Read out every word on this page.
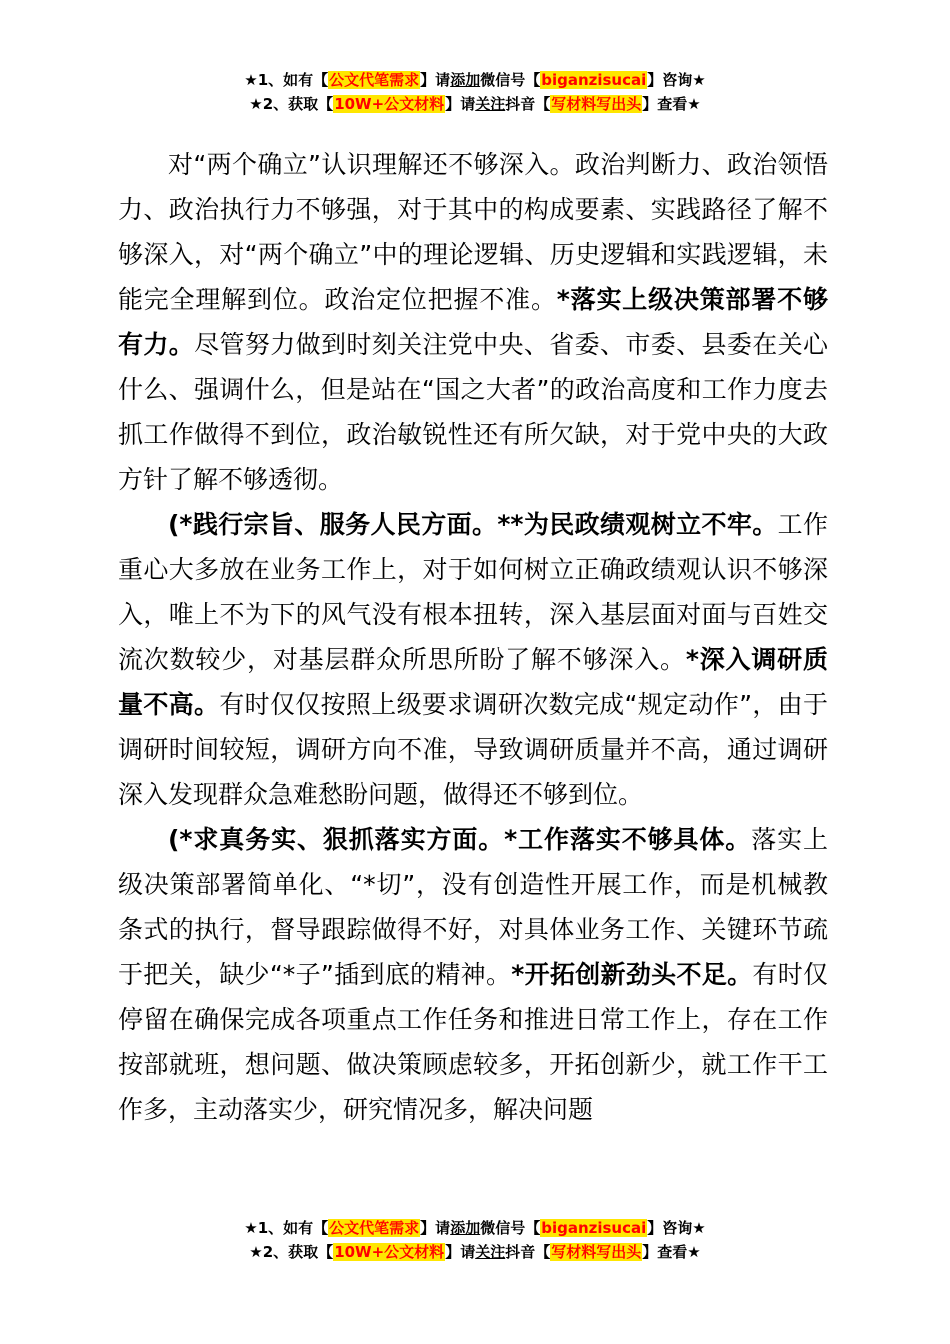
★1、如有【公文代笔需求】请添加微信号【biganzisucai】咨询★
★2、获取【10W+公文材料】请关注抖音【写材料写出头】查看★

对“两个确立”认识理解还不够深入。政治判断力、政治领悟力、政治执行力不够强，对于其中的构成要素、实践路径了解不够深入，对“两个确立”中的理论逻辑、历史逻辑和实践逻辑，未能完全理解到位。政治定位把握不准。*落实上级决策部署不够有力。尽管努力做到时刻关注党中央、省委、市委、县委在关心什么、强调什么，但是站在“国之大者”的政治高度和工作力度去抓工作做得不到位，政治敏锐性还有所欠缺，对于党中央的大政方针了解不够透彻。

(*践行宗旨、服务人民方面。**为民政绩观树立不牢。工作重心大多放在业务工作上，对于如何树立正确政绩观认识不够深入，唯上不为下的风气没有根本扭转，深入基层面对面与百姓交流次数较少，对基层群众所思所盼了解不够深入。*深入调研质量不高。有时仅仅按照上级要求调研次数完成“规定动作”，由于调研时间较短，调研方向不准，导致调研质量并不高，通过调研深入发现群众急难愁盼问题，做得还不够到位。

(*求真务实、狠抓落实方面。*工作落实不够具体。落实上级决策部署简单化、“*切”，没有创造性开展工作，而是机械教条式的执行，督导跟踪做得不好，对具体业务工作、关键环节疏于把关，缺少“*子”插到底的精神。*开拓创新劲头不足。有时仅停留在确保完成各项重点工作任务和推进日常工作上，存在工作按部就班，想问题、做决策顾虑较多，开拓创新少，就工作干工作多，主动落实少，研究情况多，解决问题

★1、如有【公文代笔需求】请添加微信号【biganzisucai】咨询★
★2、获取【10W+公文材料】请关注抖音【写材料写出头】查看★
